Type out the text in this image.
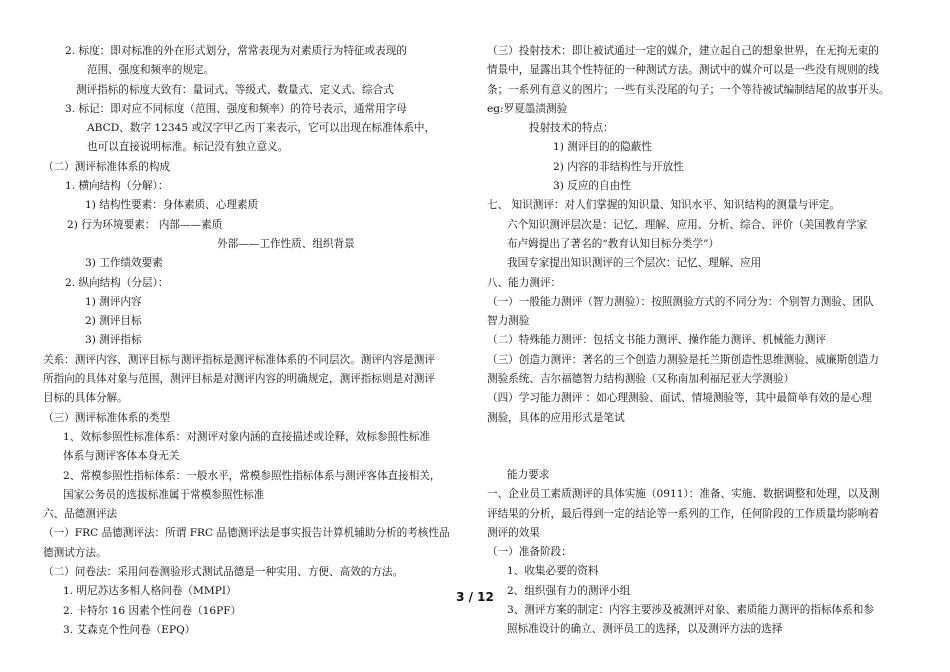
2. 标度：即对标准的外在形式划分，常常表现为对素质行为特征或表现的
范围、强度和频率的规定。
测评指标的标度大致有：量词式、等级式、数量式、定义式、综合式
3. 标记：即对应不同标度（范围、强度和频率）的符号表示，通常用字母
ABCD、数字 12345 或汉字甲乙丙丁来表示，它可以出现在标准体系中，
也可以直接说明标准。标记没有独立意义。
（二）测评标准体系的构成
1. 横向结构（分解）：
1) 结构性要素：身体素质、心理素质
2) 行为环境要素： 内部——素质
外部——工作性质、组织背景
3) 工作绩效要素
2. 纵向结构（分层）：
1) 测评内容
2) 测评目标
3) 测评指标
关系：测评内容、测评目标与测评指标是测评标准体系的不同层次。测评内容是测评
所指向的具体对象与范围，测评目标是对测评内容的明确规定，测评指标则是对测评
目标的具体分解。
（三）测评标准体系的类型
1、效标参照性标准体系：对测评对象内涵的直接描述或诠释，效标参照性标准
体系与测评客体本身无关
2、常模参照性指标体系：一般水平，常模参照性指标体系与测评客体直接相关，
国家公务员的选拔标准属于常模参照性标准
六、品德测评法
（一）FRC 品德测评法：所谓 FRC 品德测评法是事实报告计算机辅助分析的考核性品
德测试方法。
（二）问卷法：采用问卷测验形式测试品德是一种实用、方便、高效的方法。
1. 明尼苏达多相人格问卷（MMPI）
2. 卡特尔 16 因素个性问卷（16PF）
3. 艾森克个性问卷（EPQ）
（三）投射技术：即让被试通过一定的媒介，建立起自己的想象世界，在无拘无束的
情景中，显露出其个性特征的一种测试方法。测试中的媒介可以是一些没有规则的线
条；一系列有意义的图片；一些有头没尾的句子；一个等待被试编制结尾的故事开头。
eg:罗夏墨渍测验
投射技术的特点：
1) 测评目的的隐蔽性
2) 内容的非结构性与开放性
3) 反应的自由性
七、 知识测评：对人们掌握的知识量、知识水平、知识结构的测量与评定。
六个知识测评层次是：记忆、理解、应用、分析、综合、评价（美国教育学家
布卢姆提出了著名的“教育认知目标分类学”）
我国专家提出知识测评的三个层次：记忆、理解、应用
八、能力测评：
（一）一般能力测评（智力测验）：按照测验方式的不同分为：个别智力测验、团队
智力测验
（二）特殊能力测评：包括文书能力测评、操作能力测评、机械能力测评
（三）创造力测评：著名的三个创造力测验是托兰斯创造性思维测验、威廉斯创造力
测验系统、吉尔福德智力结构测验（又称南加利福尼亚大学测验）
（四）学习能力测评 ：如心理测验、面试、情境测验等，其中最简单有效的是心理
测验，具体的应用形式是笔试
能力要求
一、企业员工素质测评的具体实施（0911）：准备、实施、数据调整和处理，以及测
评结果的分析，最后得到一定的结论等一系列的工作，任何阶段的工作质量均影响着
测评的效果
（一）准备阶段：
1、收集必要的资料
2、组织强有力的测评小组
3、测评方案的制定：内容主要涉及被测评对象、素质能力测评的指标体系和参
照标准设计的确立、测评员工的选择，以及测评方法的选择
3 / 12
